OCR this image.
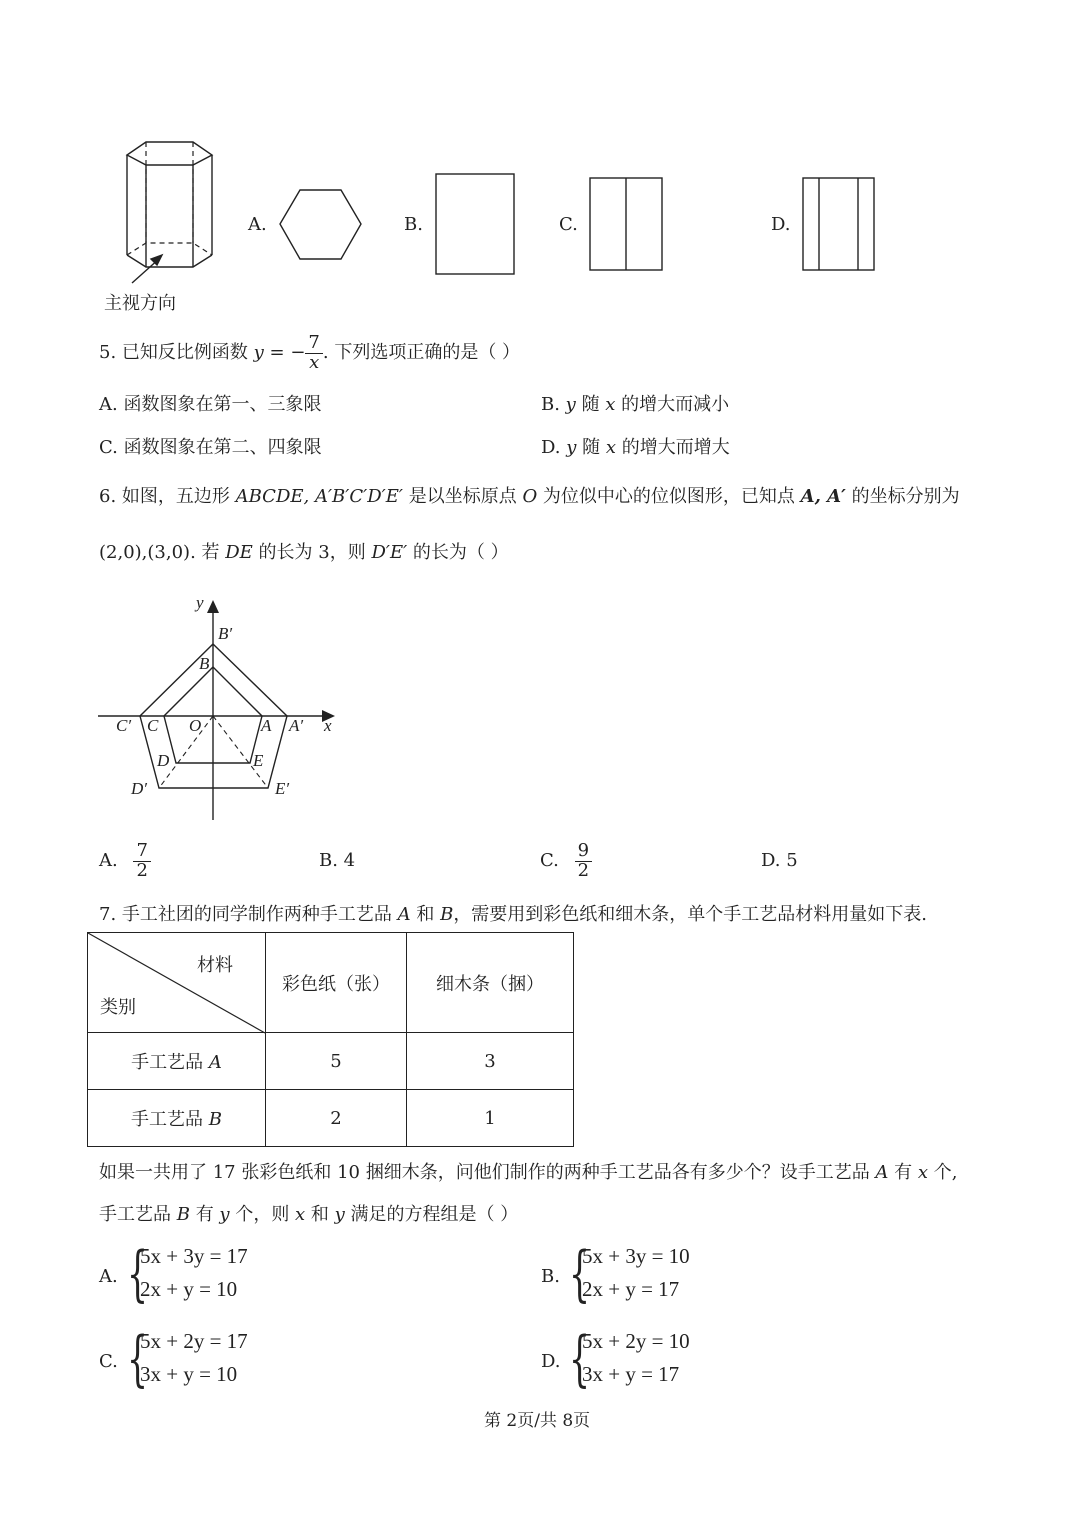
主视方向
A.	B.	C.	D.
5. 已知反比例函数 y = − $\frac{7}{x}$ . 下列选项正确的是（ ）
A. 函数图象在第一、三象限	B. y 随 x 的增大而减小
C. 函数图象在第二、四象限	D. y 随 x 的增大而增大
6. 如图，五边形 ABCDE, A′B′C′D′E′ 是以坐标原点 O 为位似中心的位似图形，已知点 A, A′ 的坐标分别为
(2,0),(3,0). 若 DE 的长为 3，则 D′E′ 的长为（ ）
y
x
B′
B
C′ C O	A A′
D	E
D′	E′
A. $\frac{7}{2}$	B. 4	C. $\frac{9}{2}$	D. 5
7. 手工社团的同学制作两种手工艺品 A 和 B，需要用到彩色纸和细木条，单个手工艺品材料用量如下表.
材料
类别	彩色纸（张）	细木条（捆）
手工艺品 A	5	3
手工艺品 B	2	1
如果一共用了 17 张彩色纸和 10 捆细木条，问他们制作的两种手工艺品各有多少个？设手工艺品 A 有 x 个,
手工艺品 B 有 y 个，则 x 和 y 满足的方程组是（ ）
A. {
5x + 3y = 17
2x + y = 10
B. {
5x + 3y = 10
2x + y = 17
C. {
5x + 2y = 17
3x + y = 10
D. {
5x + 2y = 10
3x + y = 17
第 2页/共 8页
